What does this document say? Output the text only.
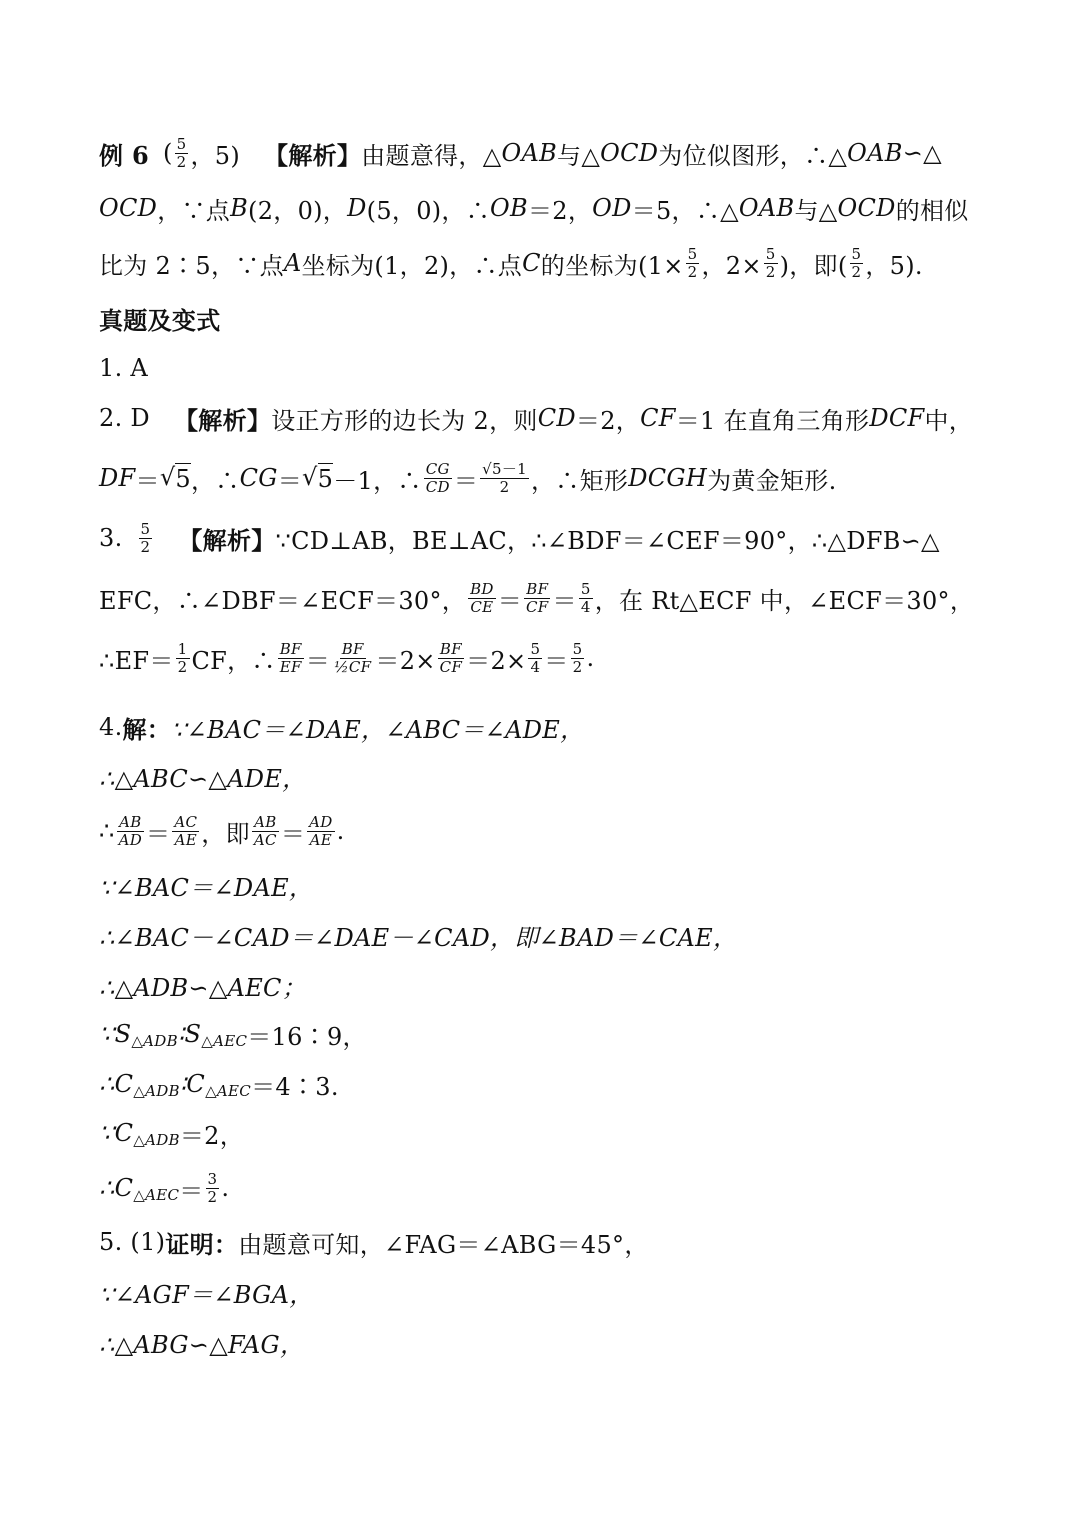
例 6 ( $\frac{5}{2}$ ，5) 【解析】 由题意得，△ OAB 与△ OCD 为位似图形，∴△ OAB ∽△
OCD ，∵点 B (2，0)， D (5，0)，∴ OB ＝2， OD ＝5，∴△ OAB 与△ OCD 的相似
比为 2∶5，∵点 A 坐标为(1，2)，∴点 C 的坐标为($1\times \frac{5}{2}$ ，$2\times \frac{5}{2}$ )，即( $\frac{5}{2}$ ，5).
真题及变式
1. A
2. D 【解析】 设正方形的边长为 2，则 CD ＝2， CF ＝1 在直角三角形 DCF 中，
DF ＝ √ 5 ，∴ CG ＝ √ 5 －1，∴ $\frac{CG}{CD} = \frac{√5-1}{2}$ ，∴矩形 DCGH 为黄金矩形.
3. $\frac{5}{2}$ 【解析】 ∵CD⊥AB，BE⊥AC，∴∠BDF＝∠CEF＝90°，∴△DFB∽△
EFC，∴∠DBF＝∠ECF＝30°， $\frac{BD}{CE} = \frac{BF}{CF} = \frac{5}{4}$ ，在 Rt△ECF 中，∠ECF＝30°，
∴EF＝ $\frac{1}{2}$ CF，∴ $\frac{BF}{EF} = \frac{BF}{\text{½CF}} =2\times \frac{BF}{CF} =2\times \frac{5}{4} = \frac{5}{2}$ .
4. 解： ∵∠BAC＝∠DAE，∠ABC＝∠ADE，
∴△ABC∽△ADE，
∴ $\frac{AB}{AD} = \frac{AC}{AE}$ ，即 $\frac{AB}{AC} = \frac{AD}{AE}$ .
∵∠BAC＝∠DAE，
∴∠BAC－∠CAD＝∠DAE－∠CAD，即∠BAD＝∠CAE，
∴△ADB∽△AEC；
∵S △ADB ∶S △AEC ＝16∶9，
∴C △ADB ∶C △AEC ＝4∶3.
∵C △ADB ＝2，
∴C △AEC ＝ $\frac{3}{2}$ .
5. (1) 证明： 由题意可知，∠FAG＝∠ABG＝45°，
∵∠AGF＝∠BGA，
∴△ABG∽△FAG，
